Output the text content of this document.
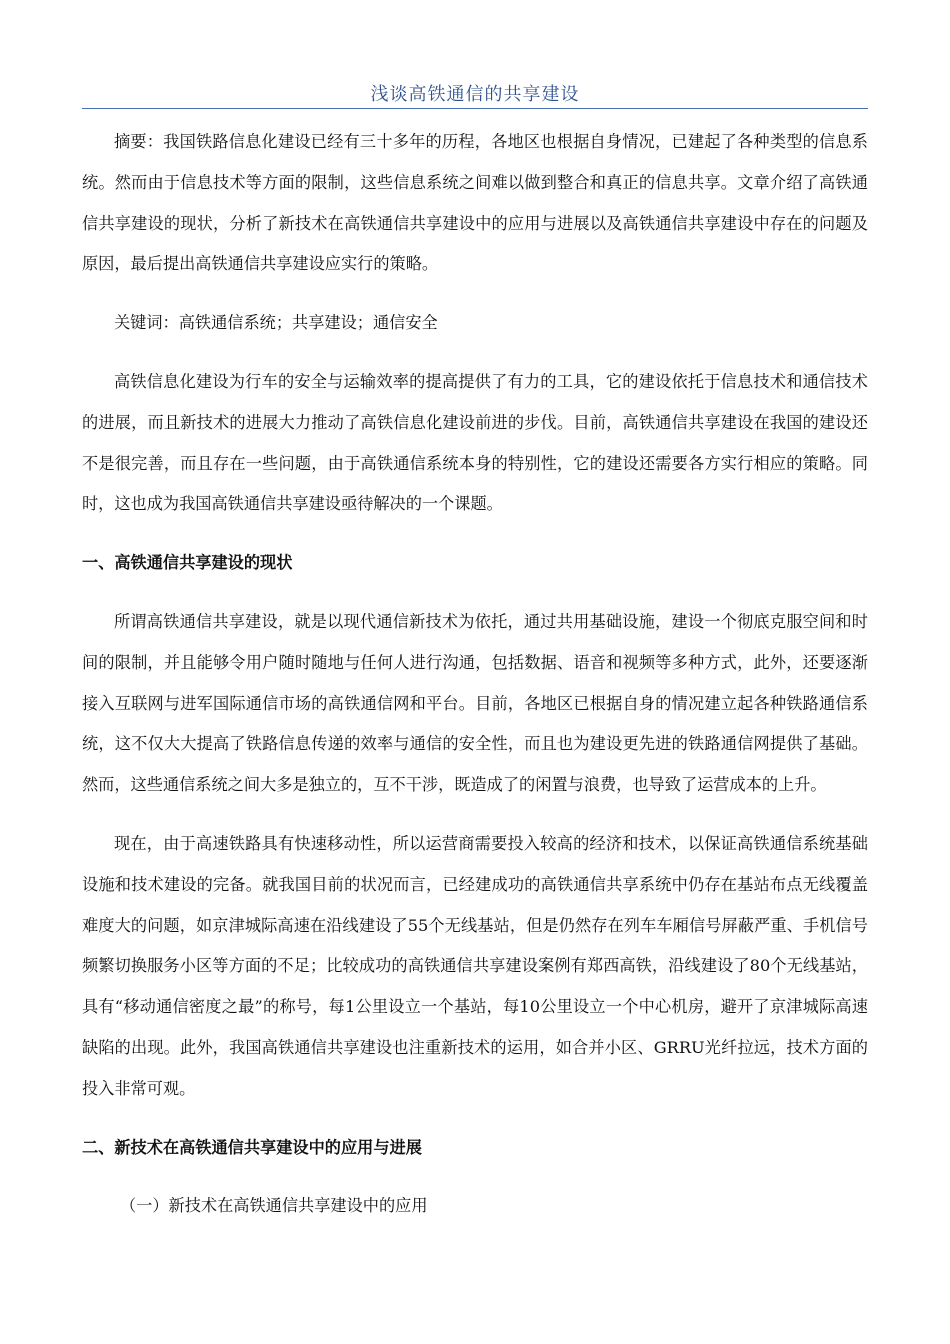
浅谈高铁通信的共享建设

摘要：我国铁路信息化建设已经有三十多年的历程，各地区也根据自身情况，已建起了各种类型的信息系统。然而由于信息技术等方面的限制，这些信息系统之间难以做到整合和真正的信息共享。文章介绍了高铁通信共享建设的现状，分析了新技术在高铁通信共享建设中的应用与进展以及高铁通信共享建设中存在的问题及原因，最后提出高铁通信共享建设应实行的策略。

关键词：高铁通信系统；共享建设；通信安全

高铁信息化建设为行车的安全与运输效率的提高提供了有力的工具，它的建设依托于信息技术和通信技术的进展，而且新技术的进展大力推动了高铁信息化建设前进的步伐。目前，高铁通信共享建设在我国的建设还不是很完善，而且存在一些问题，由于高铁通信系统本身的特别性，它的建设还需要各方实行相应的策略。同时，这也成为我国高铁通信共享建设亟待解决的一个课题。

一、高铁通信共享建设的现状

所谓高铁通信共享建设，就是以现代通信新技术为依托，通过共用基础设施，建设一个彻底克服空间和时间的限制，并且能够令用户随时随地与任何人进行沟通，包括数据、语音和视频等多种方式，此外，还要逐渐接入互联网与进军国际通信市场的高铁通信网和平台。目前，各地区已根据自身的情况建立起各种铁路通信系统，这不仅大大提高了铁路信息传递的效率与通信的安全性，而且也为建设更先进的铁路通信网提供了基础。然而，这些通信系统之间大多是独立的，互不干涉，既造成了的闲置与浪费，也导致了运营成本的上升。

现在，由于高速铁路具有快速移动性，所以运营商需要投入较高的经济和技术，以保证高铁通信系统基础设施和技术建设的完备。就我国目前的状况而言，已经建成功的高铁通信共享系统中仍存在基站布点无线覆盖难度大的问题，如京津城际高速在沿线建设了55个无线基站，但是仍然存在列车车厢信号屏蔽严重、手机信号频繁切换服务小区等方面的不足；比较成功的高铁通信共享建设案例有郑西高铁，沿线建设了80个无线基站，具有“移动通信密度之最”的称号，每1公里设立一个基站，每10公里设立一个中心机房，避开了京津城际高速缺陷的出现。此外，我国高铁通信共享建设也注重新技术的运用，如合并小区、GRRU光纤拉远，技术方面的投入非常可观。

二、新技术在高铁通信共享建设中的应用与进展

（一）新技术在高铁通信共享建设中的应用
